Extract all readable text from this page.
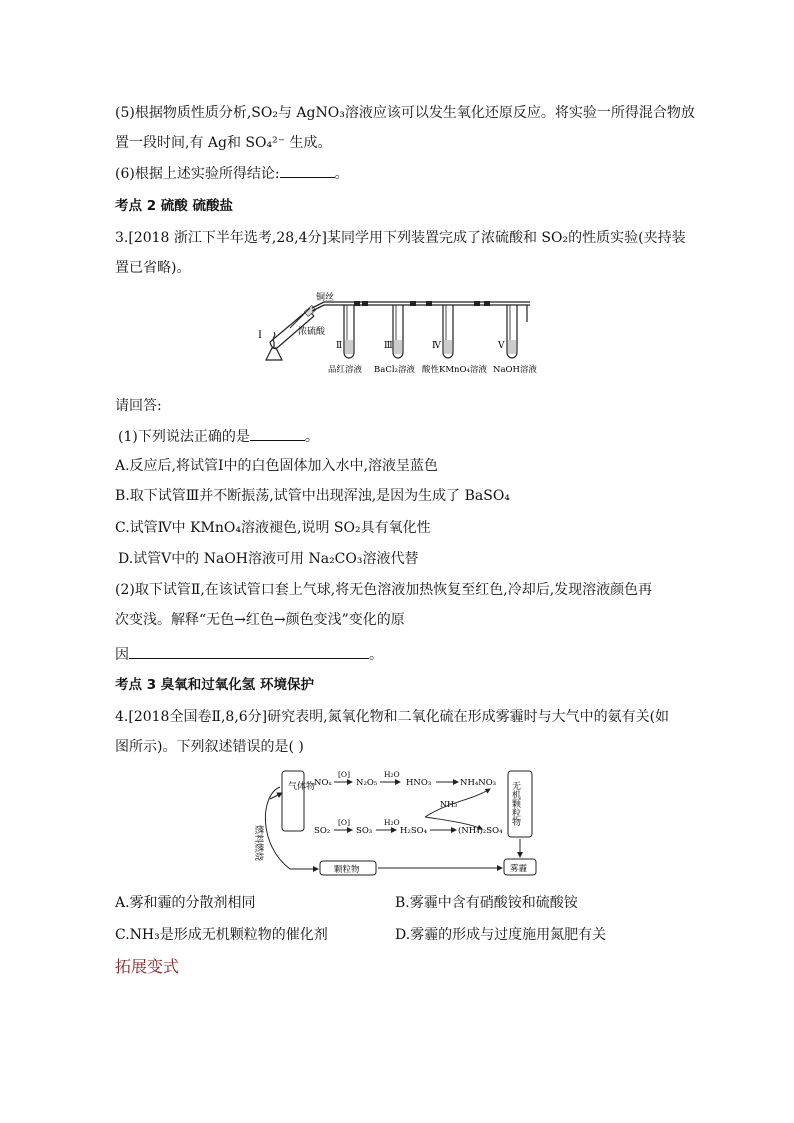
(5)根据物质性质分析,SO₂与 AgNO₃溶液应该可以发生氧化还原反应。将实验一所得混合物放
置一段时间,有 Ag和 SO₄²⁻ 生成。
(6)根据上述实验所得结论:	。
考点 2 硫酸 硫酸盐
3.[2018 浙江下半年选考,28,4分]某同学用下列装置完成了浓硫酸和 SO₂的性质实验(夹持装
置已省略)。
I
Ⅱ	Ⅲ	Ⅳ	Ⅴ
铜丝
浓硫酸
品红溶液 BaCl₂溶液 酸性KMnO₄溶液 NaOH溶液
请回答:
(1)下列说法正确的是	。
A.反应后,将试管Ⅰ中的白色固体加入水中,溶液呈蓝色
B.取下试管Ⅲ并不断振荡,试管中出现浑浊,是因为生成了 BaSO₄
C.试管Ⅳ中 KMnO₄溶液褪色,说明 SO₂具有氧化性
D.试管Ⅴ中的 NaOH溶液可用 Na₂CO₃溶液代替
(2)取下试管Ⅱ,在该试管口套上气球,将无色溶液加热恢复至红色,冷却后,发现溶液颜色再
次变浅。解释“无色→红色→颜色变浅”变化的原
因	。
考点 3 臭氧和过氧化氢 环境保护
4.[2018全国卷Ⅱ,8,6分]研究表明,氮氧化物和二氧化硫在形成雾霾时与大气中的氨有关(如
图所示)。下列叙述错误的是( )
气体物
燃料燃烧
NOₓ
[O]
N₂O₅
H₂O
HNO₃	NH₄NO₃
NH₃
SO₂
[O]
SO₃
H₂O
H₂SO₄	(NH₄)₂SO₄
无机颗粒物
颗粒物	雾霾
A.雾和霾的分散剂相同	B.雾霾中含有硝酸铵和硫酸铵
C.NH₃是形成无机颗粒物的催化剂	D.雾霾的形成与过度施用氮肥有关
拓展变式
